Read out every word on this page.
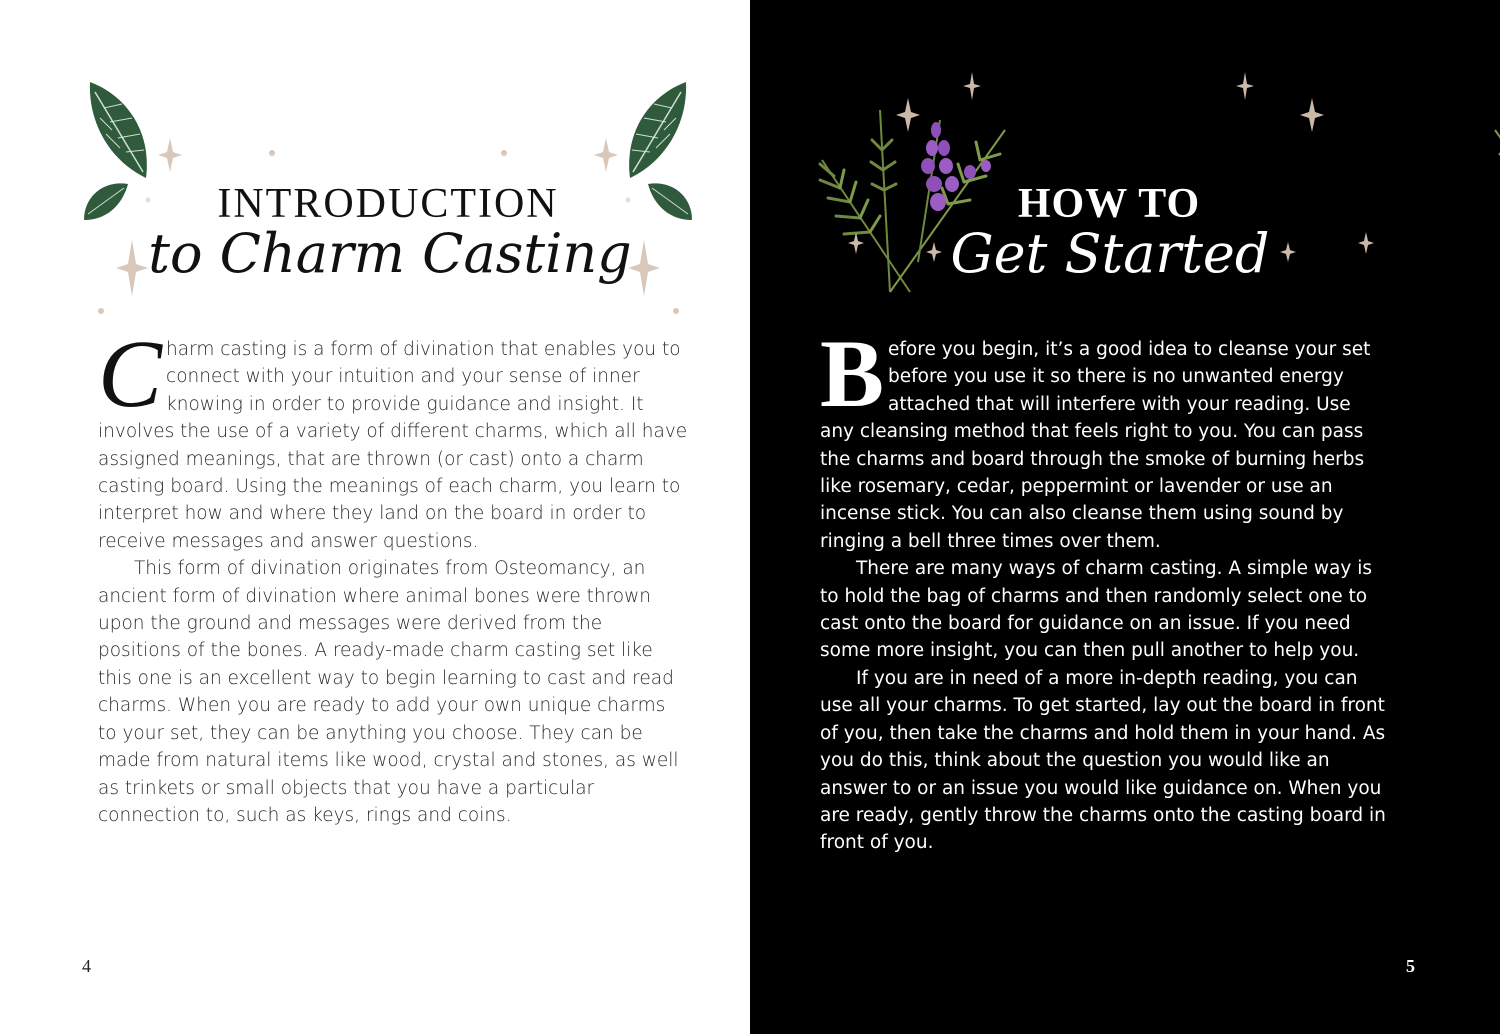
INTRODUCTION
to Charm Casting

Charm casting is a form of divination that enables you to connect with your intuition and your sense of inner knowing in order to provide guidance and insight. It involves the use of a variety of different charms, which all have assigned meanings, that are thrown (or cast) onto a charm casting board. Using the meanings of each charm, you learn to interpret how and where they land on the board in order to receive messages and answer questions.

This form of divination originates from Osteomancy, an ancient form of divination where animal bones were thrown upon the ground and messages were derived from the positions of the bones. A ready-made charm casting set like this one is an excellent way to begin learning to cast and read charms. When you are ready to add your own unique charms to your set, they can be anything you choose. They can be made from natural items like wood, crystal and stones, as well as trinkets or small objects that you have a particular connection to, such as keys, rings and coins.

4
HOW TO
Get Started

Before you begin, it’s a good idea to cleanse your set before you use it so there is no unwanted energy attached that will interfere with your reading. Use any cleansing method that feels right to you. You can pass the charms and board through the smoke of burning herbs like rosemary, cedar, peppermint or lavender or use an incense stick. You can also cleanse them using sound by ringing a bell three times over them.

There are many ways of charm casting. A simple way is to hold the bag of charms and then randomly select one to cast onto the board for guidance on an issue. If you need some more insight, you can then pull another to help you.

If you are in need of a more in-depth reading, you can use all your charms. To get started, lay out the board in front of you, then take the charms and hold them in your hand. As you do this, think about the question you would like an answer to or an issue you would like guidance on. When you are ready, gently throw the charms onto the casting board in front of you.

5
